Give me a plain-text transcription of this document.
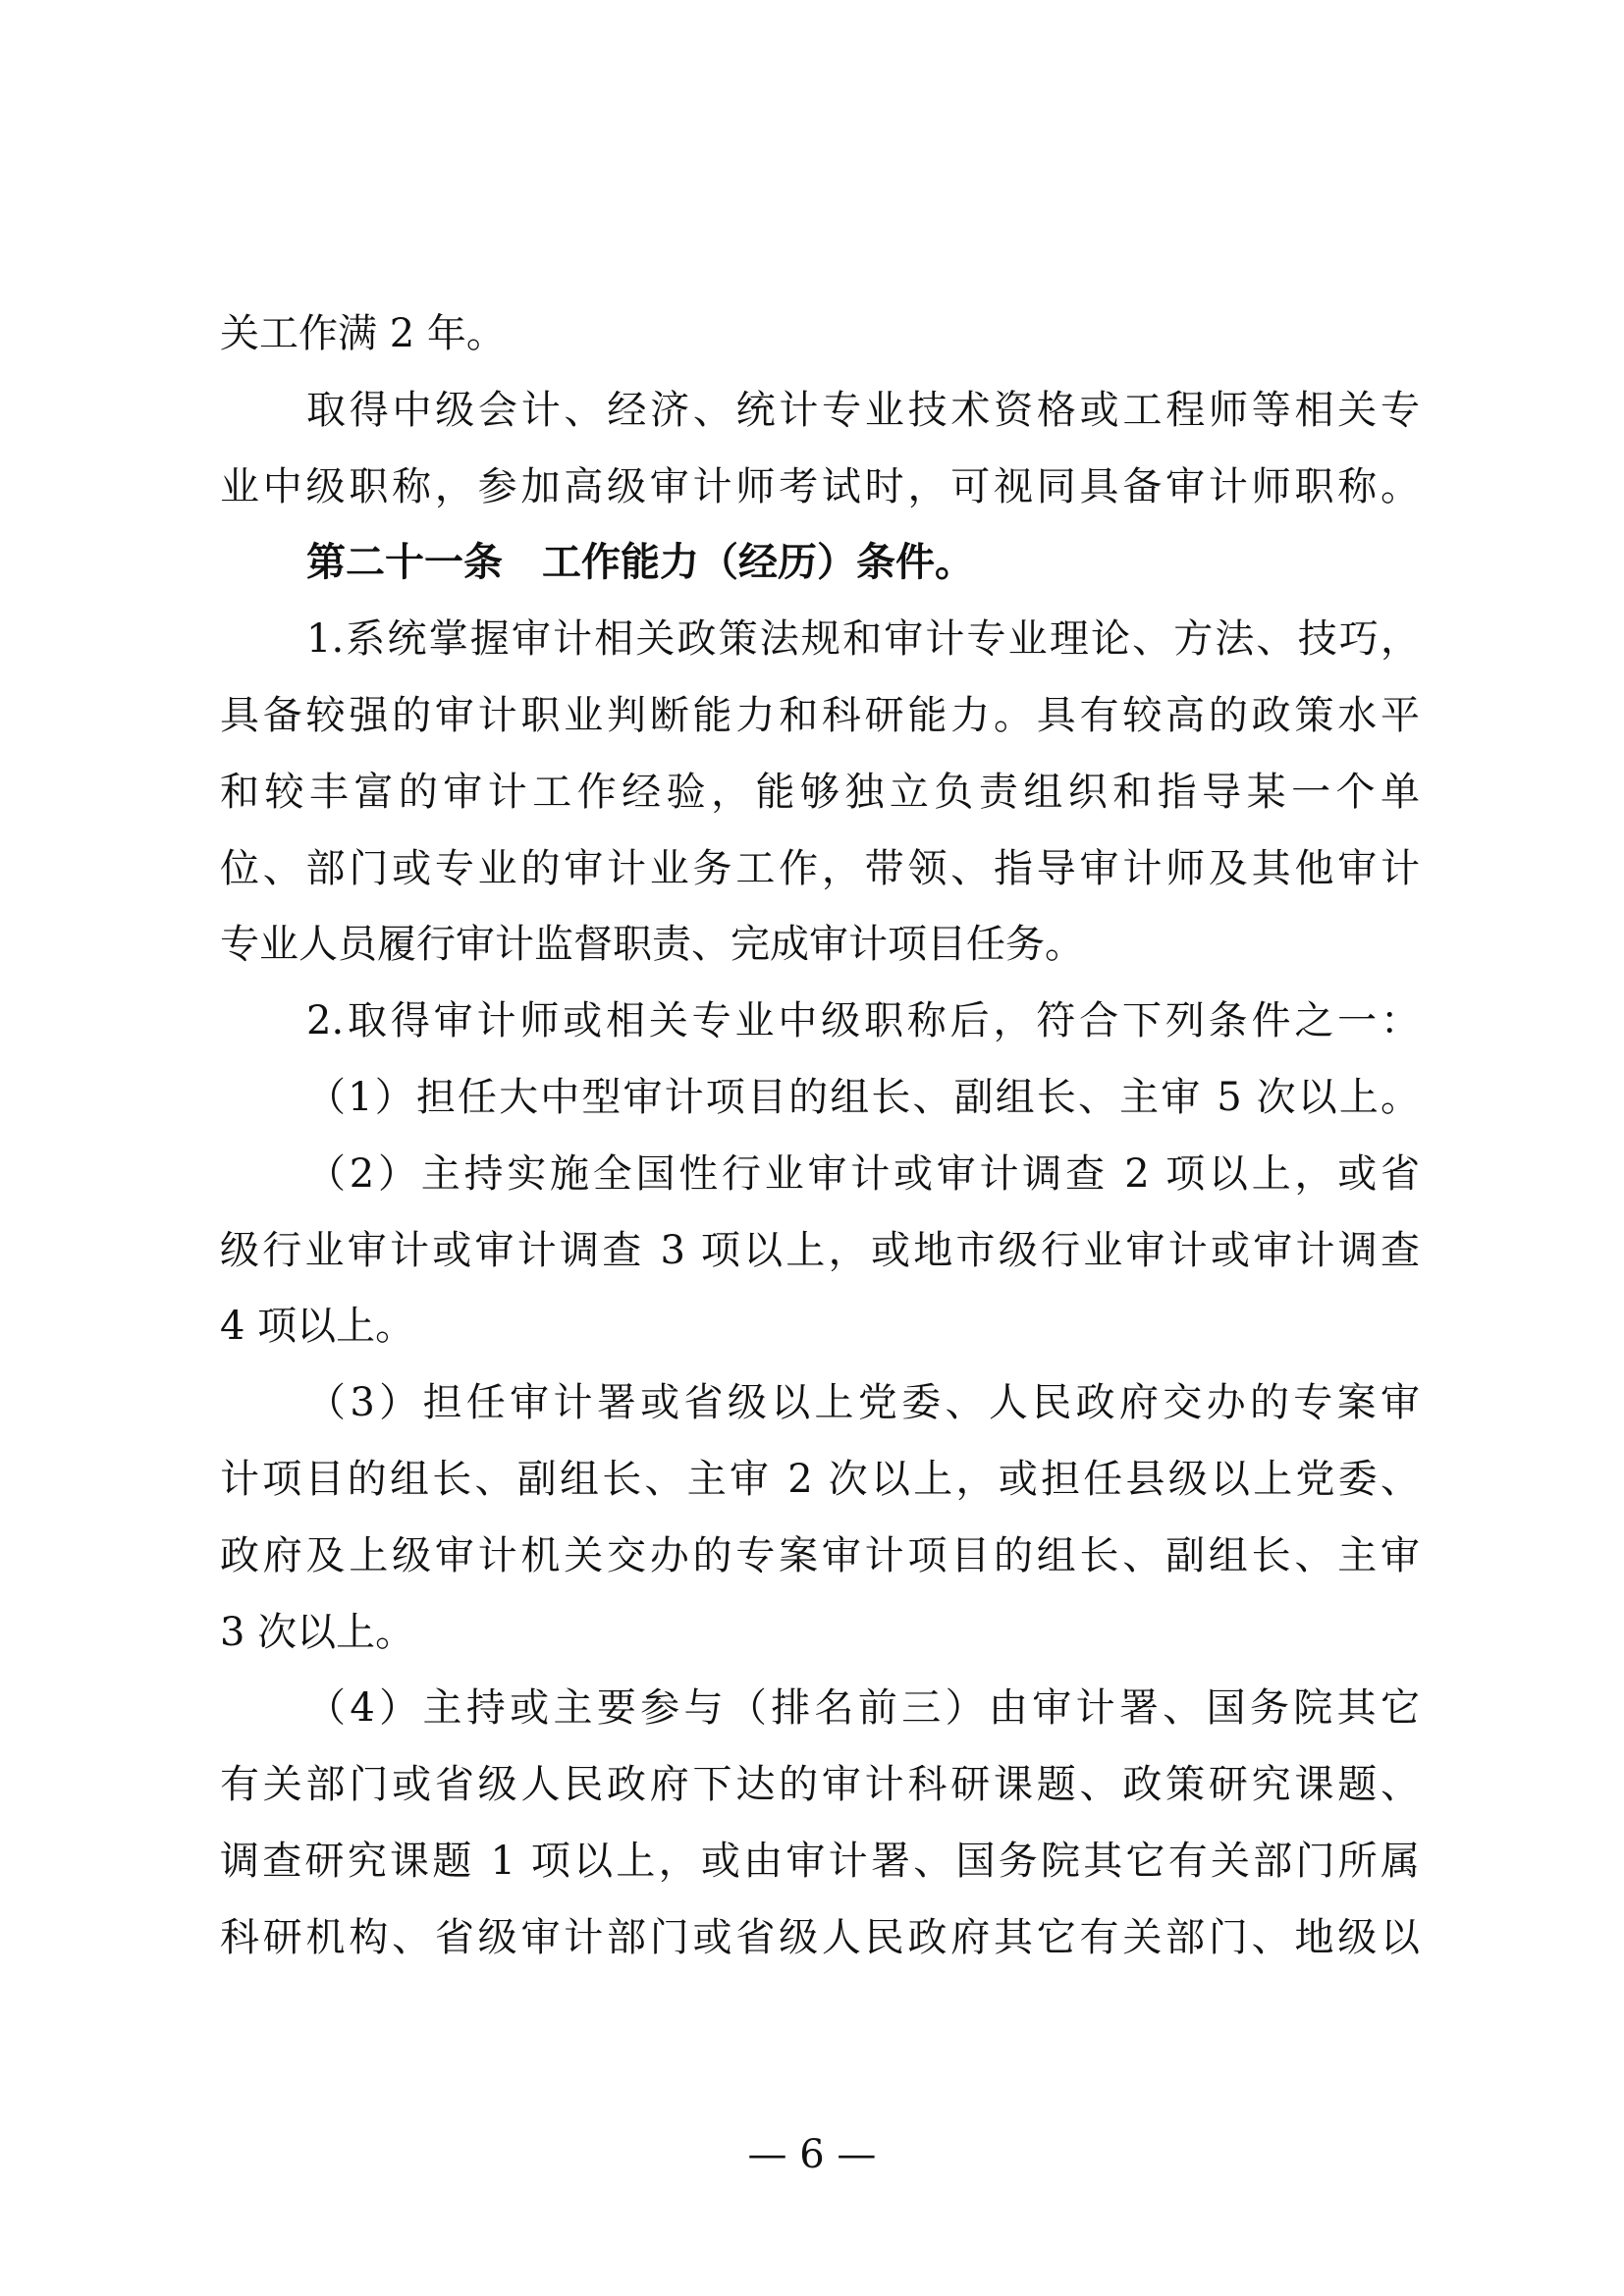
关工作满 2 年。
取得中级会计、经济、统计专业技术资格或工程师等相关专
业中级职称，参加高级审计师考试时，可视同具备审计师职称。
第二十一条　工作能力（经历）条件。
1.系统掌握审计相关政策法规和审计专业理论、方法、技巧，
具备较强的审计职业判断能力和科研能力。具有较高的政策水平
和较丰富的审计工作经验，能够独立负责组织和指导某一个单
位、部门或专业的审计业务工作，带领、指导审计师及其他审计
专业人员履行审计监督职责、完成审计项目任务。
2.取得审计师或相关专业中级职称后，符合下列条件之一：
（1）担任大中型审计项目的组长、副组长、主审 5 次以上。
（2）主持实施全国性行业审计或审计调查 2 项以上，或省
级行业审计或审计调查 3 项以上，或地市级行业审计或审计调查
4 项以上。
（3）担任审计署或省级以上党委、人民政府交办的专案审
计项目的组长、副组长、主审 2 次以上，或担任县级以上党委、
政府及上级审计机关交办的专案审计项目的组长、副组长、主审
3 次以上。
（4）主持或主要参与（排名前三）由审计署、国务院其它
有关部门或省级人民政府下达的审计科研课题、政策研究课题、
调查研究课题 1 项以上，或由审计署、国务院其它有关部门所属
科研机构、省级审计部门或省级人民政府其它有关部门、地级以
— 6 —
